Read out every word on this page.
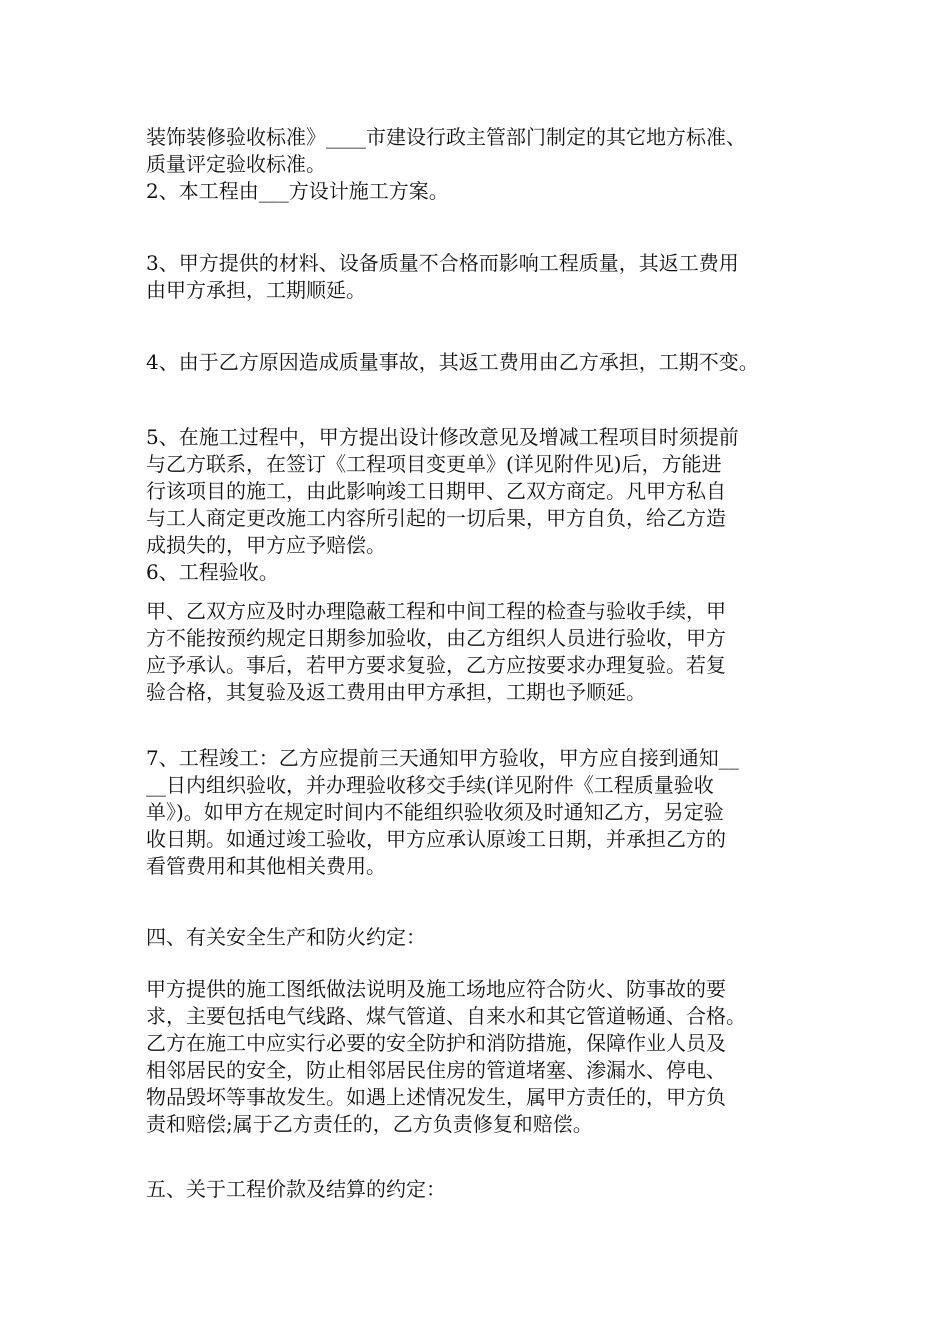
装饰装修验收标准》____市建设行政主管部门制定的其它地方标准、
质量评定验收标准。

2、本工程由___方设计施工方案。

3、甲方提供的材料、设备质量不合格而影响工程质量，其返工费用
由甲方承担，工期顺延。

4、由于乙方原因造成质量事故，其返工费用由乙方承担，工期不变。

5、在施工过程中，甲方提出设计修改意见及增减工程项目时须提前
与乙方联系，在签订《工程项目变更单》(详见附件见)后，方能进
行该项目的施工，由此影响竣工日期甲、乙双方商定。凡甲方私自
与工人商定更改施工内容所引起的一切后果，甲方自负，给乙方造
成损失的，甲方应予赔偿。

6、工程验收。

甲、乙双方应及时办理隐蔽工程和中间工程的检查与验收手续，甲
方不能按预约规定日期参加验收，由乙方组织人员进行验收，甲方
应予承认。事后，若甲方要求复验，乙方应按要求办理复验。若复
验合格，其复验及返工费用由甲方承担，工期也予顺延。

7、工程竣工：乙方应提前三天通知甲方验收，甲方应自接到通知__
__日内组织验收，并办理验收移交手续(详见附件《工程质量验收
单》)。如甲方在规定时间内不能组织验收须及时通知乙方，另定验
收日期。如通过竣工验收，甲方应承认原竣工日期，并承担乙方的
看管费用和其他相关费用。

四、有关安全生产和防火约定：

甲方提供的施工图纸做法说明及施工场地应符合防火、防事故的要
求，主要包括电气线路、煤气管道、自来水和其它管道畅通、合格。
乙方在施工中应实行必要的安全防护和消防措施，保障作业人员及
相邻居民的安全，防止相邻居民住房的管道堵塞、渗漏水、停电、
物品毁坏等事故发生。如遇上述情况发生，属甲方责任的，甲方负
责和赔偿;属于乙方责任的，乙方负责修复和赔偿。

五、关于工程价款及结算的约定：
